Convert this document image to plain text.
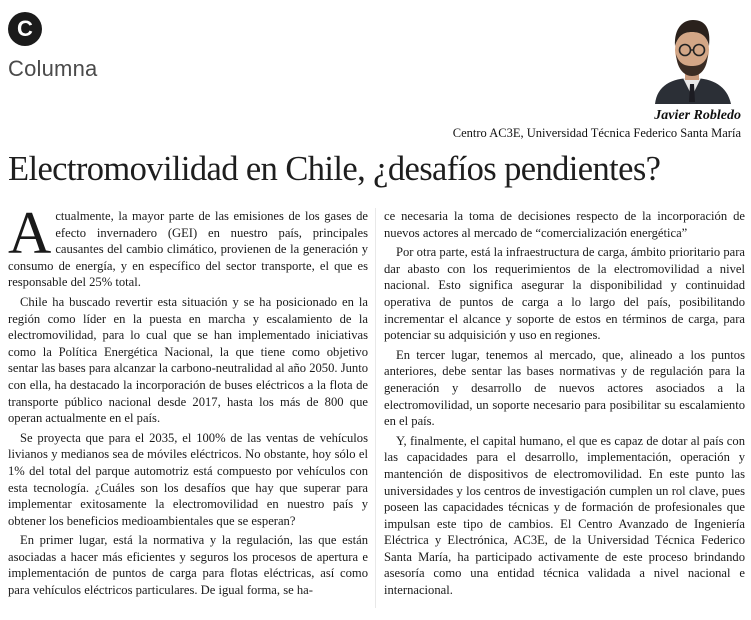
C
Columna
Javier Robledo
Centro AC3E, Universidad Técnica Federico Santa María
Electromovilidad en Chile, ¿desafíos pendientes?

Actualmente, la mayor parte de las emisiones de los gases de efecto invernadero (GEI) en nuestro país, principales causantes del cambio climático, provienen de la generación y consumo de energía, y en específico del sector transporte, el que es responsable del 25% total.

Chile ha buscado revertir esta situación y se ha posicionado en la región como líder en la puesta en marcha y escalamiento de la electromovilidad, para lo cual que se han implementado iniciativas como la Política Energética Nacional, la que tiene como objetivo sentar las bases para alcanzar la carbono-neutralidad al año 2050. Junto con ella, ha destacado la incorporación de buses eléctricos a la flota de transporte público nacional desde 2017, hasta los más de 800 que operan actualmente en el país.

Se proyecta que para el 2035, el 100% de las ventas de vehículos livianos y medianos sea de móviles eléctricos. No obstante, hoy sólo el 1% del total del parque automotriz está compuesto por vehículos con esta tecnología. ¿Cuáles son los desafíos que hay que superar para implementar exitosamente la electromovilidad en nuestro país y obtener los beneficios medioambientales que se esperan?

En primer lugar, está la normativa y la regulación, las que están asociadas a hacer más eficientes y seguros los procesos de apertura e implementación de puntos de carga para flotas eléctricas, así como para vehículos eléctricos particulares. De igual forma, se ha-

ce necesaria la toma de decisiones respecto de la incorporación de nuevos actores al mercado de “comercialización energética”

Por otra parte, está la infraestructura de carga, ámbito prioritario para dar abasto con los requerimientos de la electromovilidad a nivel nacional. Esto significa asegurar la disponibilidad y continuidad operativa de puntos de carga a lo largo del país, posibilitando incrementar el alcance y soporte de estos en términos de carga, para potenciar su adquisición y uso en regiones.

En tercer lugar, tenemos al mercado, que, alineado a los puntos anteriores, debe sentar las bases normativas y de regulación para la generación y desarrollo de nuevos actores asociados a la electromovilidad, un soporte necesario para posibilitar su escalamiento en el país.

Y, finalmente, el capital humano, el que es capaz de dotar al país con las capacidades para el desarrollo, implementación, operación y mantención de dispositivos de electromovilidad. En este punto las universidades y los centros de investigación cumplen un rol clave, pues poseen las capacidades técnicas y de formación de profesionales que impulsan este tipo de cambios. El Centro Avanzado de Ingeniería Eléctrica y Electrónica, AC3E, de la Universidad Técnica Federico Santa María, ha participado activamente de este proceso brindando asesoría como una entidad técnica validada a nivel nacional e internacional.
